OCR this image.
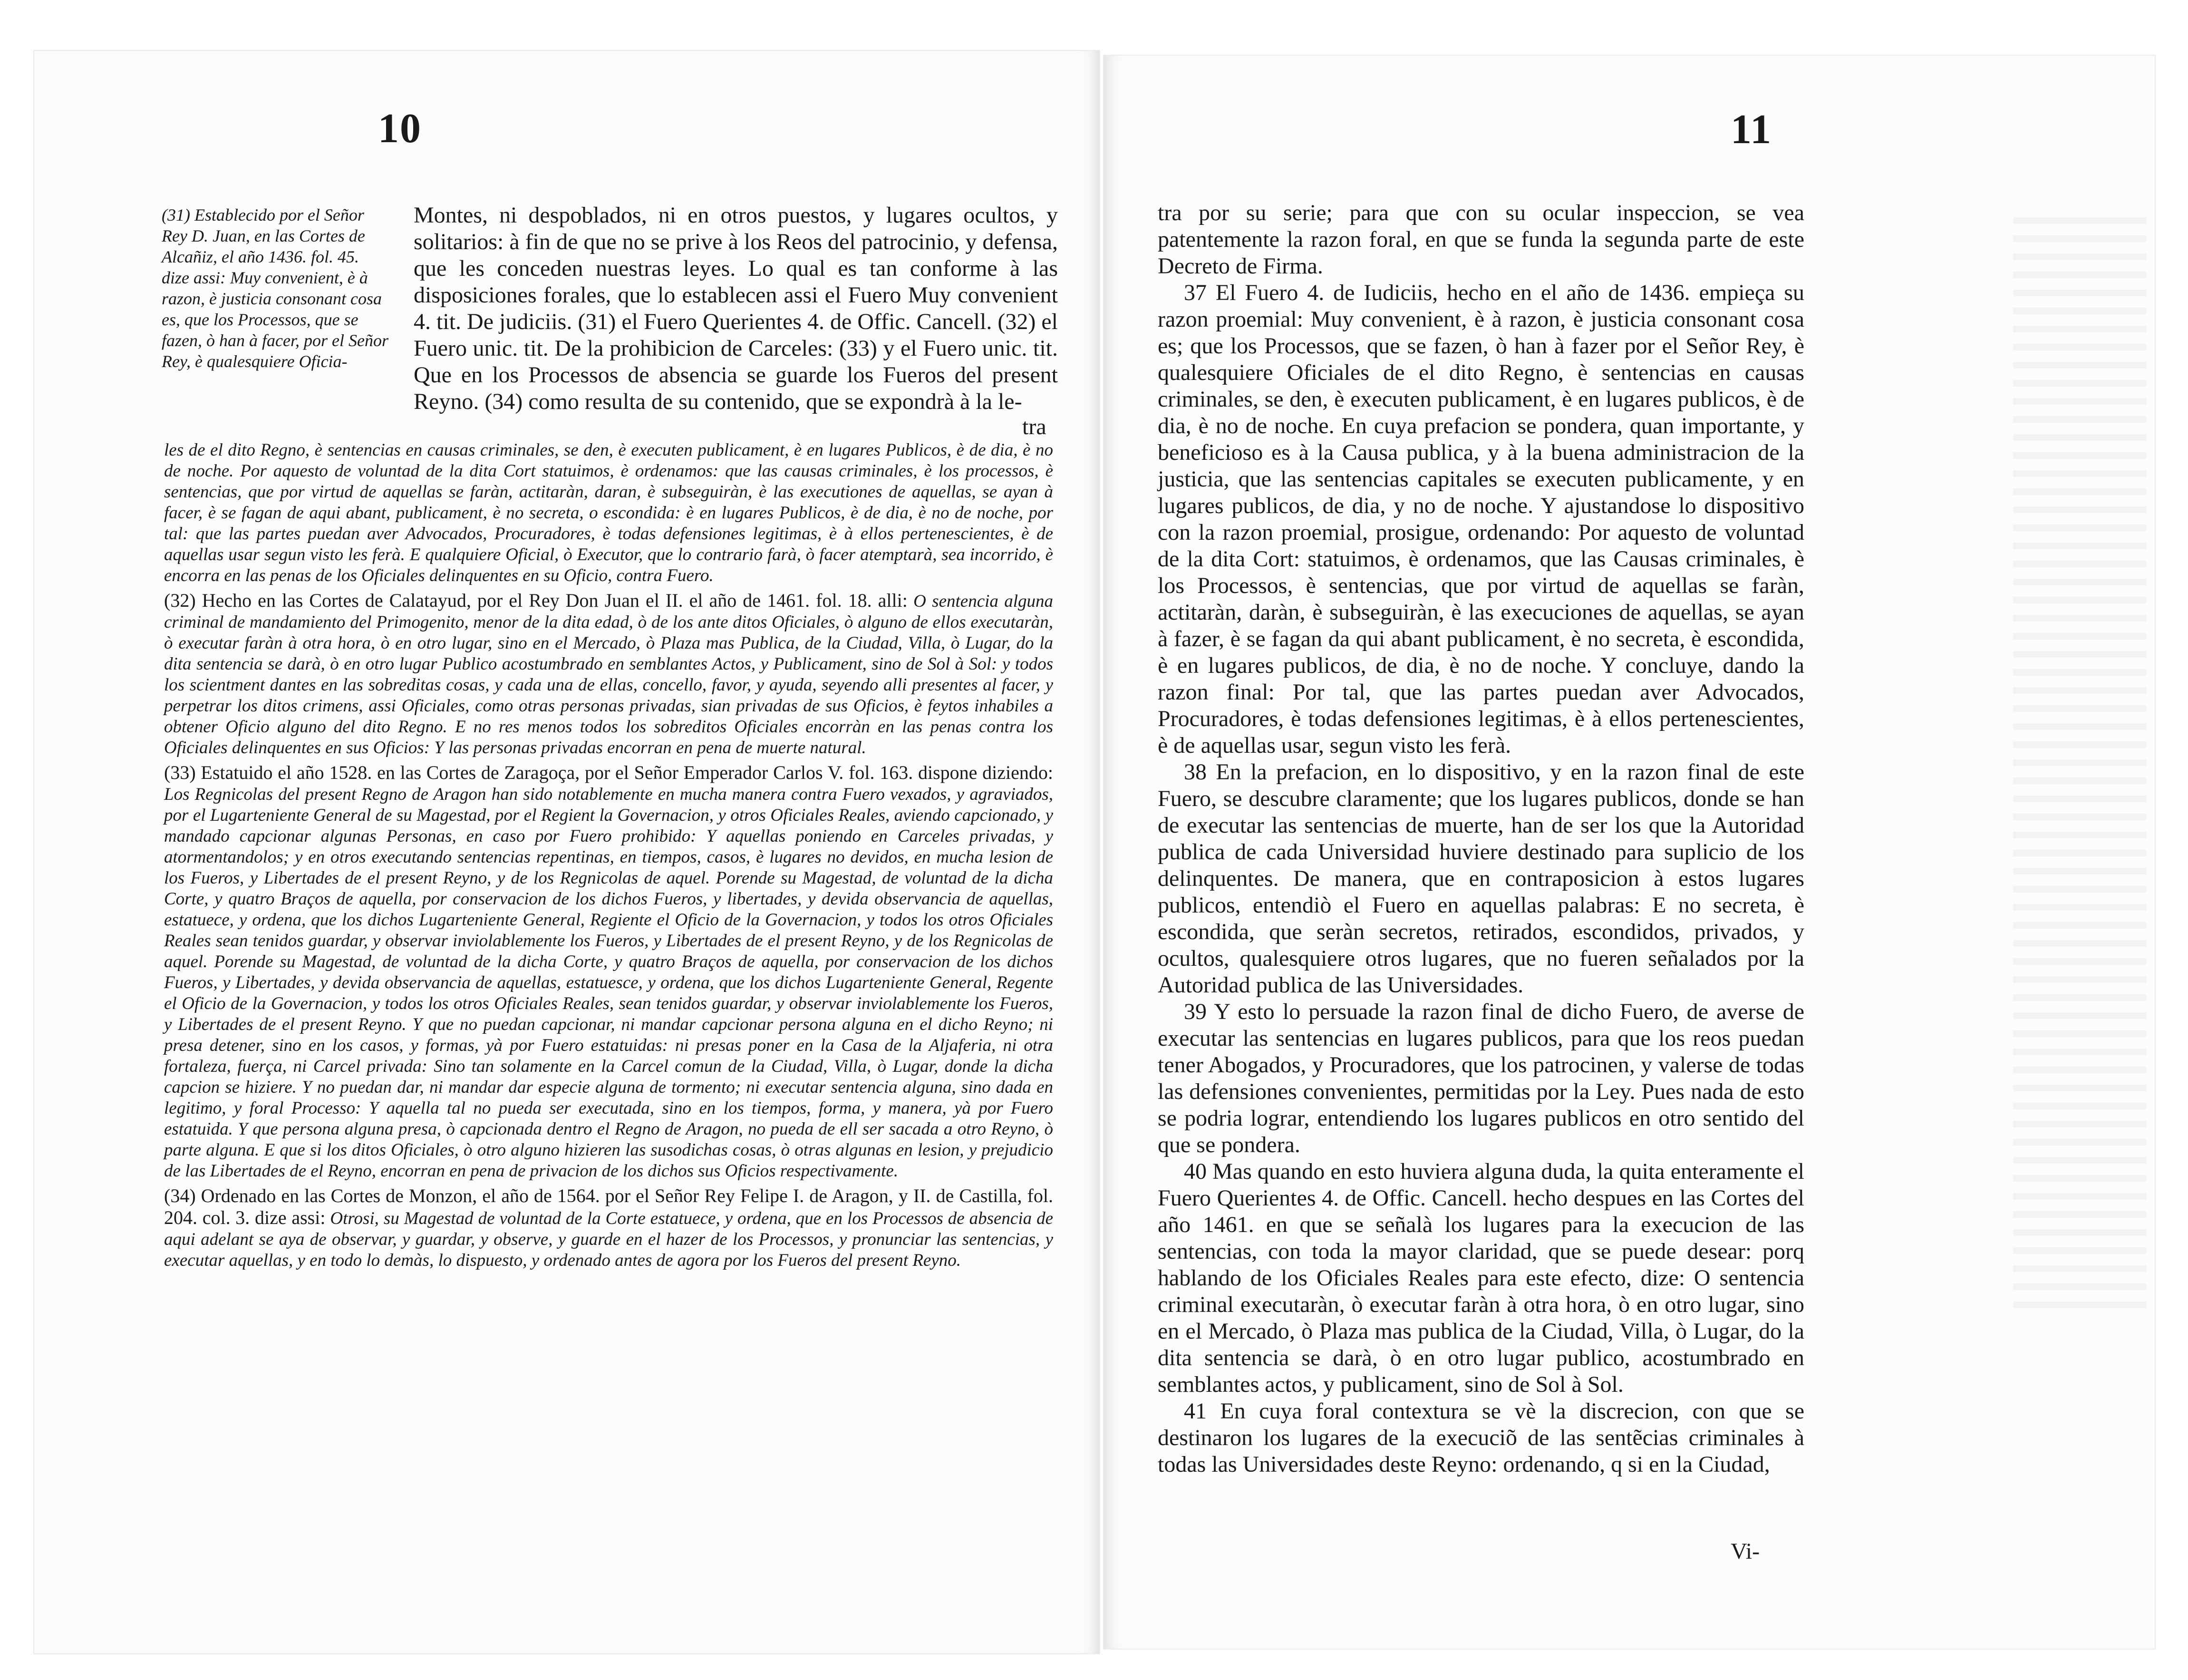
10	11

(31) Establecido por el Señor Rey D. Juan, en las Cortes de Alcañiz, el año 1436. fol. 45. dize assi: Muy convenient, è à razon, è justicia consonant cosa es, que los Processos, que se fazen, ò han à facer, por el Señor Rey, è qualesquiere Oficia-

Montes, ni despoblados, ni en otros puestos, y lugares ocultos, y solitarios: à fin de que no se prive à los Reos del patrocinio, y defensa, que les conceden nuestras leyes. Lo qual es tan conforme à las disposiciones forales, que lo establecen assi el Fuero Muy convenient 4. tit. De judiciis. (31) el Fuero Querientes 4. de Offic. Cancell. (32) el Fuero unic. tit. De la prohibicion de Carceles: (33) y el Fuero unic. tit. Que en los Processos de absencia se guarde los Fueros del present Reyno. (34) como resulta de su contenido, que se expondrà à la le-

tra

les de el dito Regno, è sentencias en causas criminales, se den, è executen publicament, è en lugares Publicos, è de dia, è no de noche. Por aquesto de voluntad de la dita Cort statuimos, è ordenamos: que las causas criminales, è los processos, è sentencias, que por virtud de aquellas se faràn, actitaràn, daran, è subseguiràn, è las executiones de aquellas, se ayan à facer, è se fagan de aqui abant, publicament, è no secreta, o escondida: è en lugares Publicos, è de dia, è no de noche, por tal: que las partes puedan aver Advocados, Procuradores, è todas defensiones legitimas, è à ellos pertenescientes, è de aquellas usar segun visto les ferà. E qualquiere Oficial, ò Executor, que lo contrario farà, ò facer atemptarà, sea incorrido, è encorra en las penas de los Oficiales delinquentes en su Oficio, contra Fuero.

(32) Hecho en las Cortes de Calatayud, por el Rey Don Juan el II. el año de 1461. fol. 18. alli: O sentencia alguna criminal de mandamiento del Primogenito, menor de la dita edad, ò de los ante ditos Oficiales, ò alguno de ellos executaràn, ò executar faràn à otra hora, ò en otro lugar, sino en el Mercado, ò Plaza mas Publica, de la Ciudad, Villa, ò Lugar, do la dita sentencia se darà, ò en otro lugar Publico acostumbrado en semblantes Actos, y Publicament, sino de Sol à Sol: y todos los scientment dantes en las sobreditas cosas, y cada una de ellas, concello, favor, y ayuda, seyendo alli presentes al facer, y perpetrar los ditos crimens, assi Oficiales, como otras personas privadas, sian privadas de sus Oficios, è feytos inhabiles a obtener Oficio alguno del dito Regno. E no res menos todos los sobreditos Oficiales encorràn en las penas contra los Oficiales delinquentes en sus Oficios: Y las personas privadas encorran en pena de muerte natural.

(33) Estatuido el año 1528. en las Cortes de Zaragoça, por el Señor Emperador Carlos V. fol. 163. dispone diziendo: Los Regnicolas del present Regno de Aragon han sido notablemente en mucha manera contra Fuero vexados, y agraviados, por el Lugarteniente General de su Magestad, por el Regient la Governacion, y otros Oficiales Reales, aviendo capcionado, y mandado capcionar algunas Personas, en caso por Fuero prohibido: Y aquellas poniendo en Carceles privadas, y atormentandolos; y en otros executando sentencias repentinas, en tiempos, casos, è lugares no devidos, en mucha lesion de los Fueros, y Libertades de el present Reyno, y de los Regnicolas de aquel. Porende su Magestad, de voluntad de la dicha Corte, y quatro Braços de aquella, por conservacion de los dichos Fueros, y libertades, y devida observancia de aquellas, estatuece, y ordena, que los dichos Lugarteniente General, Regiente el Oficio de la Governacion, y todos los otros Oficiales Reales sean tenidos guardar, y observar inviolablemente los Fueros, y Libertades de el present Reyno, y de los Regnicolas de aquel. Porende su Magestad, de voluntad de la dicha Corte, y quatro Braços de aquella, por conservacion de los dichos Fueros, y Libertades, y devida observancia de aquellas, estatuesce, y ordena, que los dichos Lugarteniente General, Regente el Oficio de la Governacion, y todos los otros Oficiales Reales, sean tenidos guardar, y observar inviolablemente los Fueros, y Libertades de el present Reyno. Y que no puedan capcionar, ni mandar capcionar persona alguna en el dicho Reyno; ni presa detener, sino en los casos, y formas, yà por Fuero estatuidas: ni presas poner en la Casa de la Aljaferia, ni otra fortaleza, fuerça, ni Carcel privada: Sino tan solamente en la Carcel comun de la Ciudad, Villa, ò Lugar, donde la dicha capcion se hiziere. Y no puedan dar, ni mandar dar especie alguna de tormento; ni executar sentencia alguna, sino dada en legitimo, y foral Processo: Y aquella tal no pueda ser executada, sino en los tiempos, forma, y manera, yà por Fuero estatuida. Y que persona alguna presa, ò capcionada dentro el Regno de Aragon, no pueda de ell ser sacada a otro Reyno, ò parte alguna. E que si los ditos Oficiales, ò otro alguno hizieren las susodichas cosas, ò otras algunas en lesion, y prejudicio de las Libertades de el Reyno, encorran en pena de privacion de los dichos sus Oficios respectivamente.

(34) Ordenado en las Cortes de Monzon, el año de 1564. por el Señor Rey Felipe I. de Aragon, y II. de Castilla, fol. 204. col. 3. dize assi: Otrosi, su Magestad de voluntad de la Corte estatuece, y ordena, que en los Processos de absencia de aqui adelant se aya de observar, y guardar, y observe, y guarde en el hazer de los Processos, y pronunciar las sentencias, y executar aquellas, y en todo lo demàs, lo dispuesto, y ordenado antes de agora por los Fueros del present Reyno.

tra por su serie; para que con su ocular inspeccion, se vea patentemente la razon foral, en que se funda la segunda parte de este Decreto de Firma.

37 El Fuero 4. de Iudiciis, hecho en el año de 1436. empieça su razon proemial: Muy convenient, è à razon, è justicia consonant cosa es; que los Processos, que se fazen, ò han à fazer por el Señor Rey, è qualesquiere Oficiales de el dito Regno, è sentencias en causas criminales, se den, è executen publicament, è en lugares publicos, è de dia, è no de noche. En cuya prefacion se pondera, quan importante, y beneficioso es à la Causa publica, y à la buena administracion de la justicia, que las sentencias capitales se executen publicamente, y en lugares publicos, de dia, y no de noche. Y ajustandose lo dispositivo con la razon proemial, prosigue, ordenando: Por aquesto de voluntad de la dita Cort: statuimos, è ordenamos, que las Causas criminales, è los Processos, è sentencias, que por virtud de aquellas se faràn, actitaràn, daràn, è subseguiràn, è las execuciones de aquellas, se ayan à fazer, è se fagan da qui abant publicament, è no secreta, è escondida, è en lugares publicos, de dia, è no de noche. Y concluye, dando la razon final: Por tal, que las partes puedan aver Advocados, Procuradores, è todas defensiones legitimas, è à ellos pertenescientes, è de aquellas usar, segun visto les ferà.

38 En la prefacion, en lo dispositivo, y en la razon final de este Fuero, se descubre claramente; que los lugares publicos, donde se han de executar las sentencias de muerte, han de ser los que la Autoridad publica de cada Universidad huviere destinado para suplicio de los delinquentes. De manera, que en contraposicion à estos lugares publicos, entendiò el Fuero en aquellas palabras: E no secreta, è escondida, que seràn secretos, retirados, escondidos, privados, y ocultos, qualesquiere otros lugares, que no fueren señalados por la Autoridad publica de las Universidades.

39 Y esto lo persuade la razon final de dicho Fuero, de averse de executar las sentencias en lugares publicos, para que los reos puedan tener Abogados, y Procuradores, que los patrocinen, y valerse de todas las defensiones convenientes, permitidas por la Ley. Pues nada de esto se podria lograr, entendiendo los lugares publicos en otro sentido del que se pondera.

40 Mas quando en esto huviera alguna duda, la quita enteramente el Fuero Querientes 4. de Offic. Cancell. hecho despues en las Cortes del año 1461. en que se señalà los lugares para la execucion de las sentencias, con toda la mayor claridad, que se puede desear: porq hablando de los Oficiales Reales para este efecto, dize: O sentencia criminal executaràn, ò executar faràn à otra hora, ò en otro lugar, sino en el Mercado, ò Plaza mas publica de la Ciudad, Villa, ò Lugar, do la dita sentencia se darà, ò en otro lugar publico, acostumbrado en semblantes actos, y publicament, sino de Sol à Sol.

41 En cuya foral contextura se vè la discrecion, con que se destinaron los lugares de la execuciõ de las sentẽcias criminales à todas las Universidades deste Reyno: ordenando, q si en la Ciudad,

Vi-
